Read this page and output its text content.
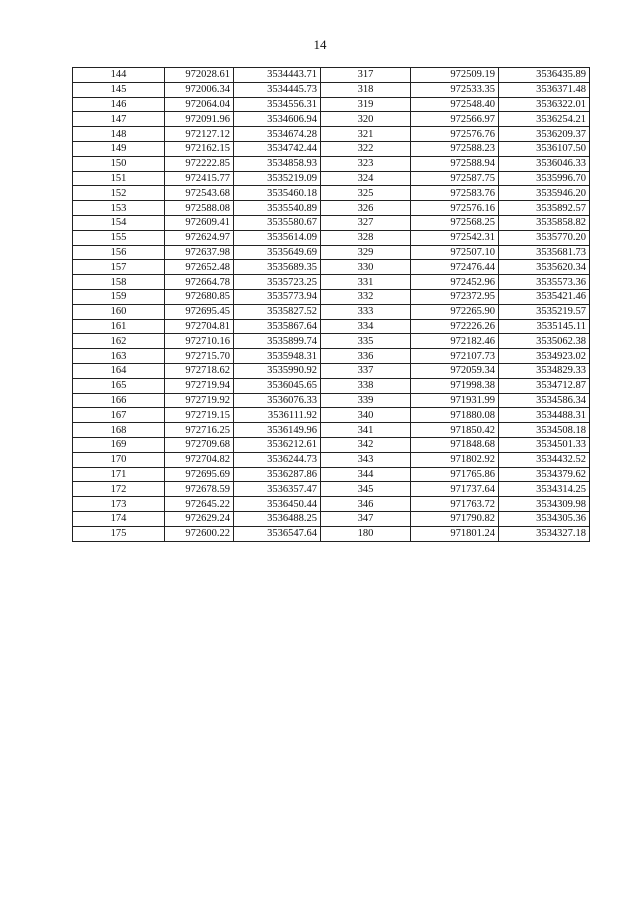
14
144	972028.61	3534443.71	317	972509.19	3536435.89
145	972006.34	3534445.73	318	972533.35	3536371.48
146	972064.04	3534556.31	319	972548.40	3536322.01
147	972091.96	3534606.94	320	972566.97	3536254.21
148	972127.12	3534674.28	321	972576.76	3536209.37
149	972162.15	3534742.44	322	972588.23	3536107.50
150	972222.85	3534858.93	323	972588.94	3536046.33
151	972415.77	3535219.09	324	972587.75	3535996.70
152	972543.68	3535460.18	325	972583.76	3535946.20
153	972588.08	3535540.89	326	972576.16	3535892.57
154	972609.41	3535580.67	327	972568.25	3535858.82
155	972624.97	3535614.09	328	972542.31	3535770.20
156	972637.98	3535649.69	329	972507.10	3535681.73
157	972652.48	3535689.35	330	972476.44	3535620.34
158	972664.78	3535723.25	331	972452.96	3535573.36
159	972680.85	3535773.94	332	972372.95	3535421.46
160	972695.45	3535827.52	333	972265.90	3535219.57
161	972704.81	3535867.64	334	972226.26	3535145.11
162	972710.16	3535899.74	335	972182.46	3535062.38
163	972715.70	3535948.31	336	972107.73	3534923.02
164	972718.62	3535990.92	337	972059.34	3534829.33
165	972719.94	3536045.65	338	971998.38	3534712.87
166	972719.92	3536076.33	339	971931.99	3534586.34
167	972719.15	3536111.92	340	971880.08	3534488.31
168	972716.25	3536149.96	341	971850.42	3534508.18
169	972709.68	3536212.61	342	971848.68	3534501.33
170	972704.82	3536244.73	343	971802.92	3534432.52
171	972695.69	3536287.86	344	971765.86	3534379.62
172	972678.59	3536357.47	345	971737.64	3534314.25
173	972645.22	3536450.44	346	971763.72	3534309.98
174	972629.24	3536488.25	347	971790.82	3534305.36
175	972600.22	3536547.64	180	971801.24	3534327.18
